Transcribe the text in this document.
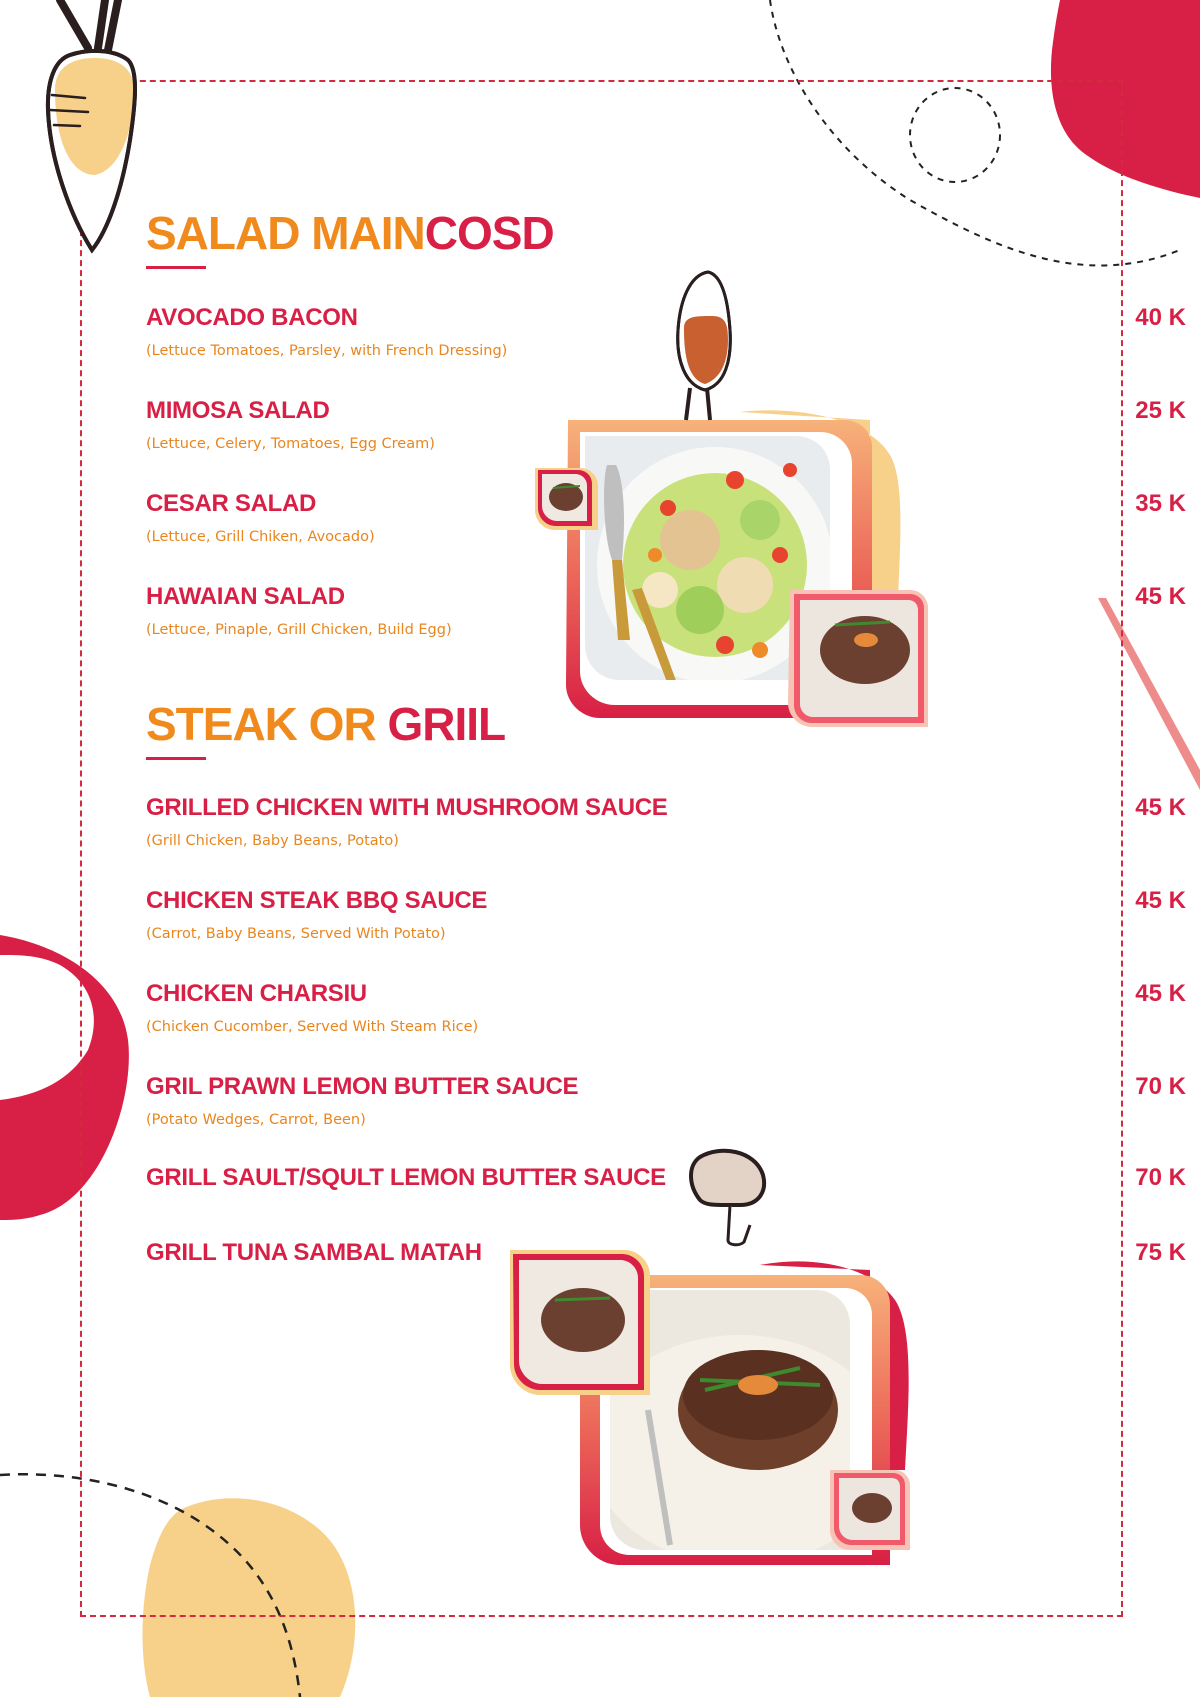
SALAD MAINCOSD
AVOCADO BACON
(Lettuce Tomatoes, Parsley, with French Dressing)
40 K
MIMOSA SALAD
(Lettuce, Celery, Tomatoes, Egg Cream)
25 K
CESAR SALAD
(Lettuce, Grill Chiken, Avocado)
35 K
HAWAIAN SALAD
(Lettuce, Pinaple, Grill Chicken, Build Egg)
45 K
STEAK OR GRIIL
GRILLED CHICKEN WITH MUSHROOM SAUCE
(Grill Chicken, Baby Beans, Potato)
45 K
CHICKEN STEAK BBQ SAUCE
(Carrot, Baby Beans, Served With Potato)
45 K
CHICKEN CHARSIU
(Chicken Cucomber, Served With Steam Rice)
45 K
GRIL PRAWN LEMON BUTTER SAUCE
(Potato Wedges, Carrot, Been)
70 K
GRILL SAULT/SQULT LEMON BUTTER SAUCE	70 K
GRILL TUNA SAMBAL MATAH	75 K
